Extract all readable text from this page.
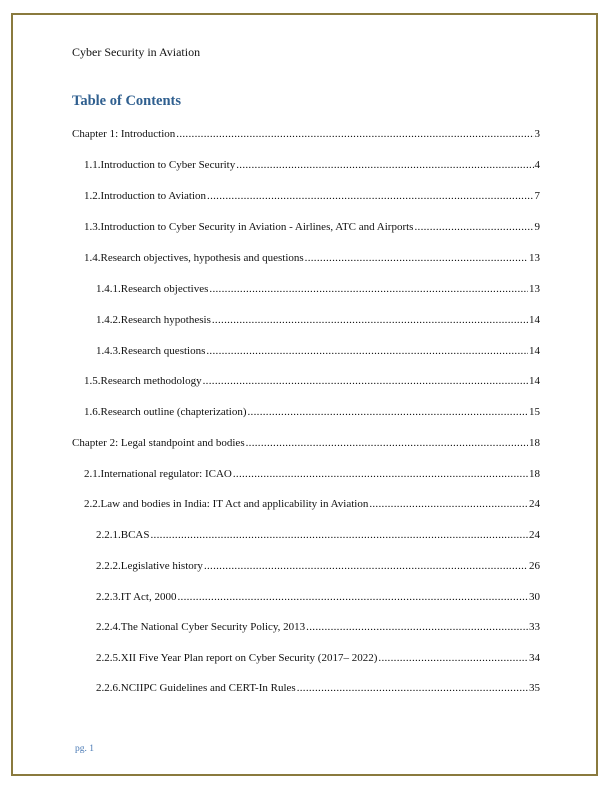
Cyber Security in Aviation
Table of Contents
Chapter 1: Introduction .....	3
1.1. Introduction to Cyber Security .....	4
1.2. Introduction to Aviation .....	7
1.3. Introduction to Cyber Security in Aviation - Airlines, ATC and Airports .....	9
1.4. Research objectives, hypothesis and questions .....	13
1.4.1. Research objectives .....	13
1.4.2. Research hypothesis .....	14
1.4.3. Research questions .....	14
1.5. Research methodology .....	14
1.6. Research outline (chapterization) .....	15
Chapter 2: Legal standpoint and bodies .....	18
2.1. International regulator: ICAO .....	18
2.2. Law and bodies in India: IT Act and applicability in Aviation .....	24
2.2.1. BCAS .....	24
2.2.2. Legislative history .....	26
2.2.3. IT Act, 2000 .....	30
2.2.4. The National Cyber Security Policy, 2013 .....	33
2.2.5. XII Five Year Plan report on Cyber Security (2017– 2022) .....	34
2.2.6. NCIIPC Guidelines and CERT-In Rules .....	35
pg. 1
